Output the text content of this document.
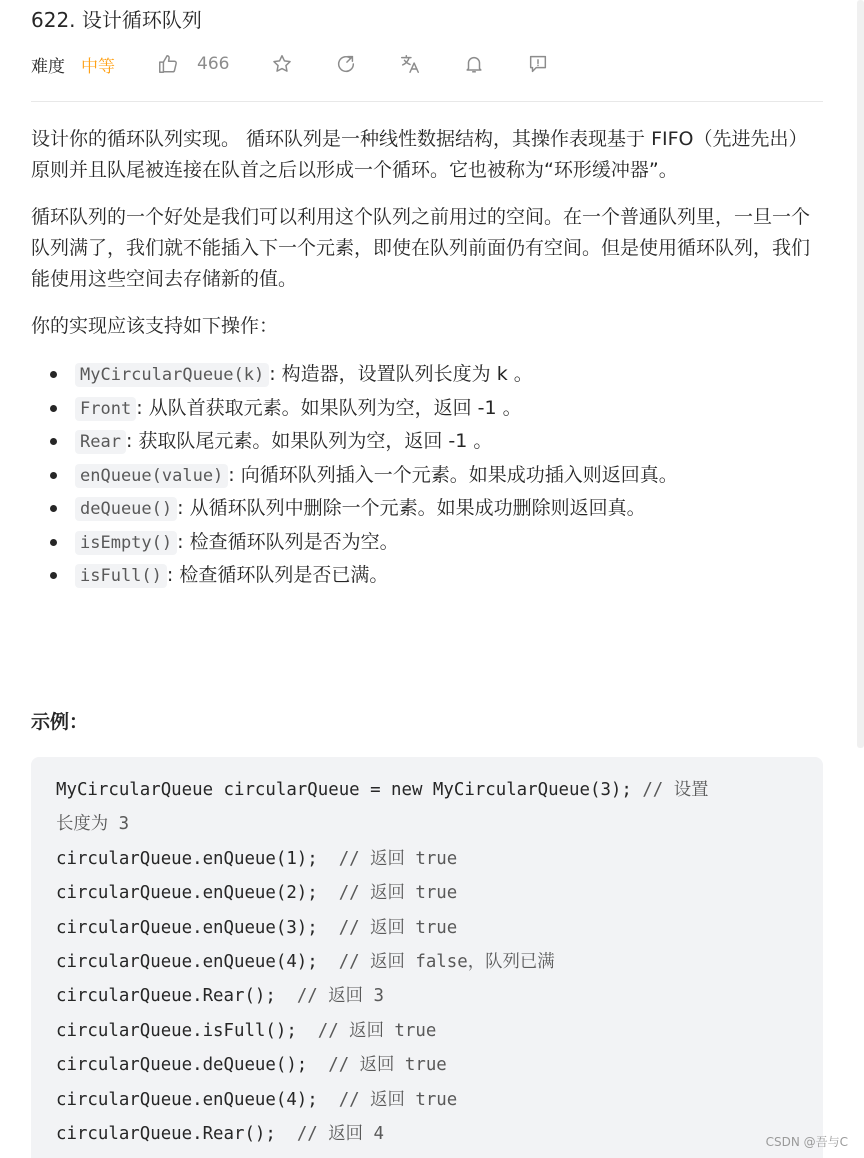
622. 设计循环队列
难度 中等	466

设计你的循环队列实现。 循环队列是一种线性数据结构，其操作表现基于 FIFO（先进先出）原则并且队尾被连接在队首之后以形成一个循环。它也被称为“环形缓冲器”。

循环队列的一个好处是我们可以利用这个队列之前用过的空间。在一个普通队列里，一旦一个队列满了，我们就不能插入下一个元素，即使在队列前面仍有空间。但是使用循环队列，我们能使用这些空间去存储新的值。

你的实现应该支持如下操作：

MyCircularQueue(k) : 构造器，设置队列长度为 k 。
Front : 从队首获取元素。如果队列为空，返回 -1 。
Rear : 获取队尾元素。如果队列为空，返回 -1 。
enQueue(value) : 向循环队列插入一个元素。如果成功插入则返回真。
deQueue() : 从循环队列中删除一个元素。如果成功删除则返回真。
isEmpty() : 检查循环队列是否为空。
isFull() : 检查循环队列是否已满。
示例：
MyCircularQueue circularQueue = new MyCircularQueue(3); // 设置
长度为 3
circularQueue.enQueue(1);  // 返回 true
circularQueue.enQueue(2);  // 返回 true
circularQueue.enQueue(3);  // 返回 true
circularQueue.enQueue(4);  // 返回 false，队列已满
circularQueue.Rear();  // 返回 3
circularQueue.isFull();  // 返回 true
circularQueue.deQueue();  // 返回 true
circularQueue.enQueue(4);  // 返回 true
circularQueue.Rear();  // 返回 4	CSDN @吾与C
